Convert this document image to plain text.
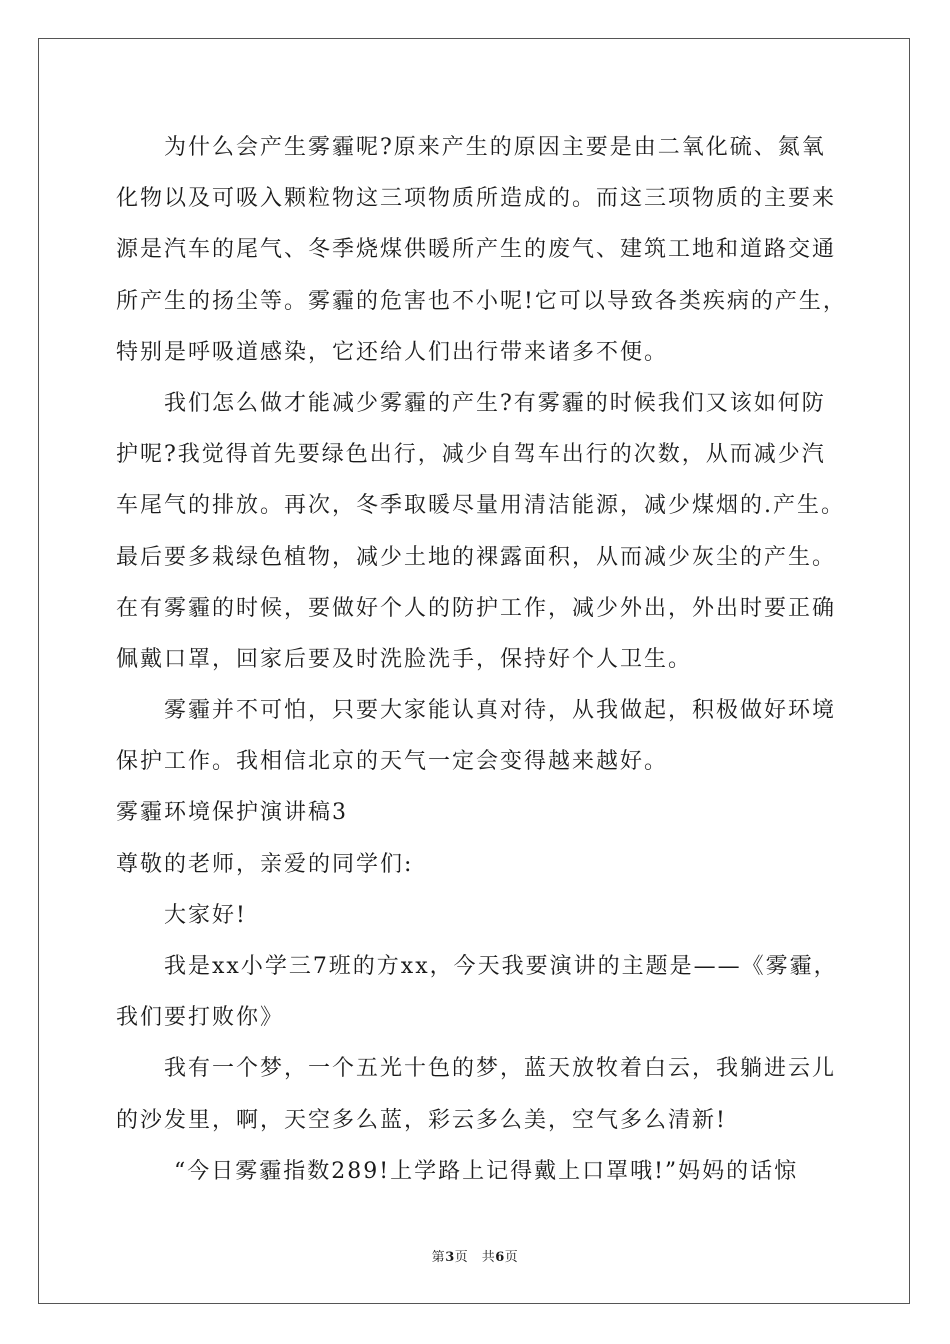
为什么会产生雾霾呢?原来产生的原因主要是由二氧化硫、氮氧
化物以及可吸入颗粒物这三项物质所造成的。而这三项物质的主要来
源是汽车的尾气、冬季烧煤供暖所产生的废气、建筑工地和道路交通
所产生的扬尘等。雾霾的危害也不小呢!它可以导致各类疾病的产生，
特别是呼吸道感染，它还给人们出行带来诸多不便。
我们怎么做才能减少雾霾的产生?有雾霾的时候我们又该如何防
护呢?我觉得首先要绿色出行，减少自驾车出行的次数，从而减少汽
车尾气的排放。再次，冬季取暖尽量用清洁能源，减少煤烟的.产生。
最后要多栽绿色植物，减少土地的裸露面积，从而减少灰尘的产生。
在有雾霾的时候，要做好个人的防护工作，减少外出，外出时要正确
佩戴口罩，回家后要及时洗脸洗手，保持好个人卫生。
雾霾并不可怕，只要大家能认真对待，从我做起，积极做好环境
保护工作。我相信北京的天气一定会变得越来越好。
雾霾环境保护演讲稿3
尊敬的老师，亲爱的同学们:
大家好!
我是xx小学三7班的方xx，今天我要演讲的主题是——《雾霾，
我们要打败你》
我有一个梦，一个五光十色的梦，蓝天放牧着白云，我躺进云儿
的沙发里，啊，天空多么蓝，彩云多么美，空气多么清新!
“今日雾霾指数289!上学路上记得戴上口罩哦!”妈妈的话惊
第3页　共6页
